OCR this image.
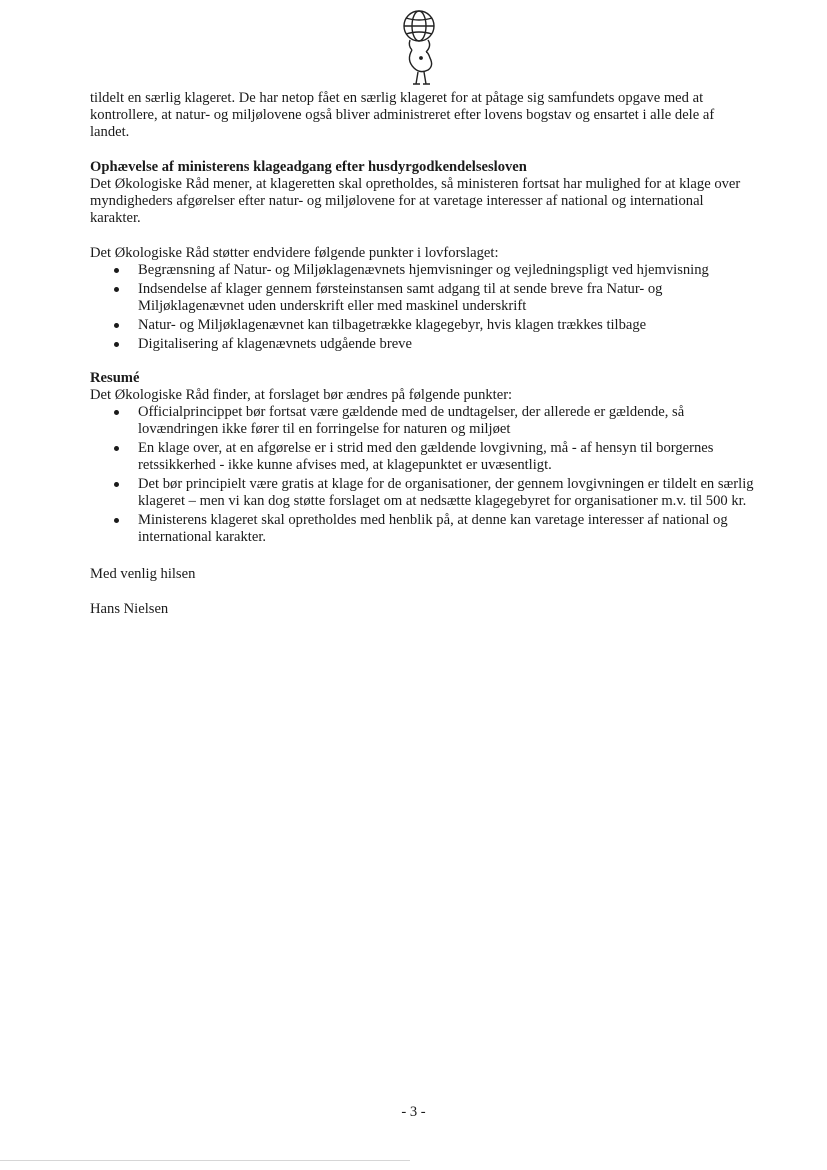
tildelt en særlig klageret. De har netop fået en særlig klageret for at påtage sig samfundets opgave med at kontrollere, at natur- og miljølovene også bliver administreret efter lovens bogstav og ensartet i alle dele af landet.

Ophævelse af ministerens klageadgang efter husdyrgodkendelsesloven

Det Økologiske Råd mener, at klageretten skal opretholdes, så ministeren fortsat har mulighed for at klage over myndigheders afgørelser efter natur- og miljølovene for at varetage interesser af national og international karakter.

Det Økologiske Råd støtter endvidere følgende punkter i lovforslaget:

Begrænsning af Natur- og Miljøklagenævnets hjemvisninger og vejledningspligt ved hjemvisning
Indsendelse af klager gennem førsteinstansen samt adgang til at sende breve fra Natur- og Miljøklagenævnet uden underskrift eller med maskinel underskrift
Natur- og Miljøklagenævnet kan tilbagetrække klagegebyr, hvis klagen trækkes tilbage
Digitalisering af klagenævnets udgående breve
Resumé

Det Økologiske Råd finder, at forslaget bør ændres på følgende punkter:

Officialprincippet bør fortsat være gældende med de undtagelser, der allerede er gældende, så lovændringen ikke fører til en forringelse for naturen og miljøet
En klage over, at en afgørelse er i strid med den gældende lovgivning, må - af hensyn til borgernes retssikkerhed - ikke kunne afvises med, at klagepunktet er uvæsentligt.
Det bør principielt være gratis at klage for de organisationer, der gennem lovgivningen er tildelt en særlig klageret – men vi kan dog støtte forslaget om at nedsætte klagegebyret for organisationer m.v. til 500 kr.
Ministerens klageret skal opretholdes med henblik på, at denne kan varetage interesser af national og international karakter.

Med venlig hilsen

Hans Nielsen

- 3 -
